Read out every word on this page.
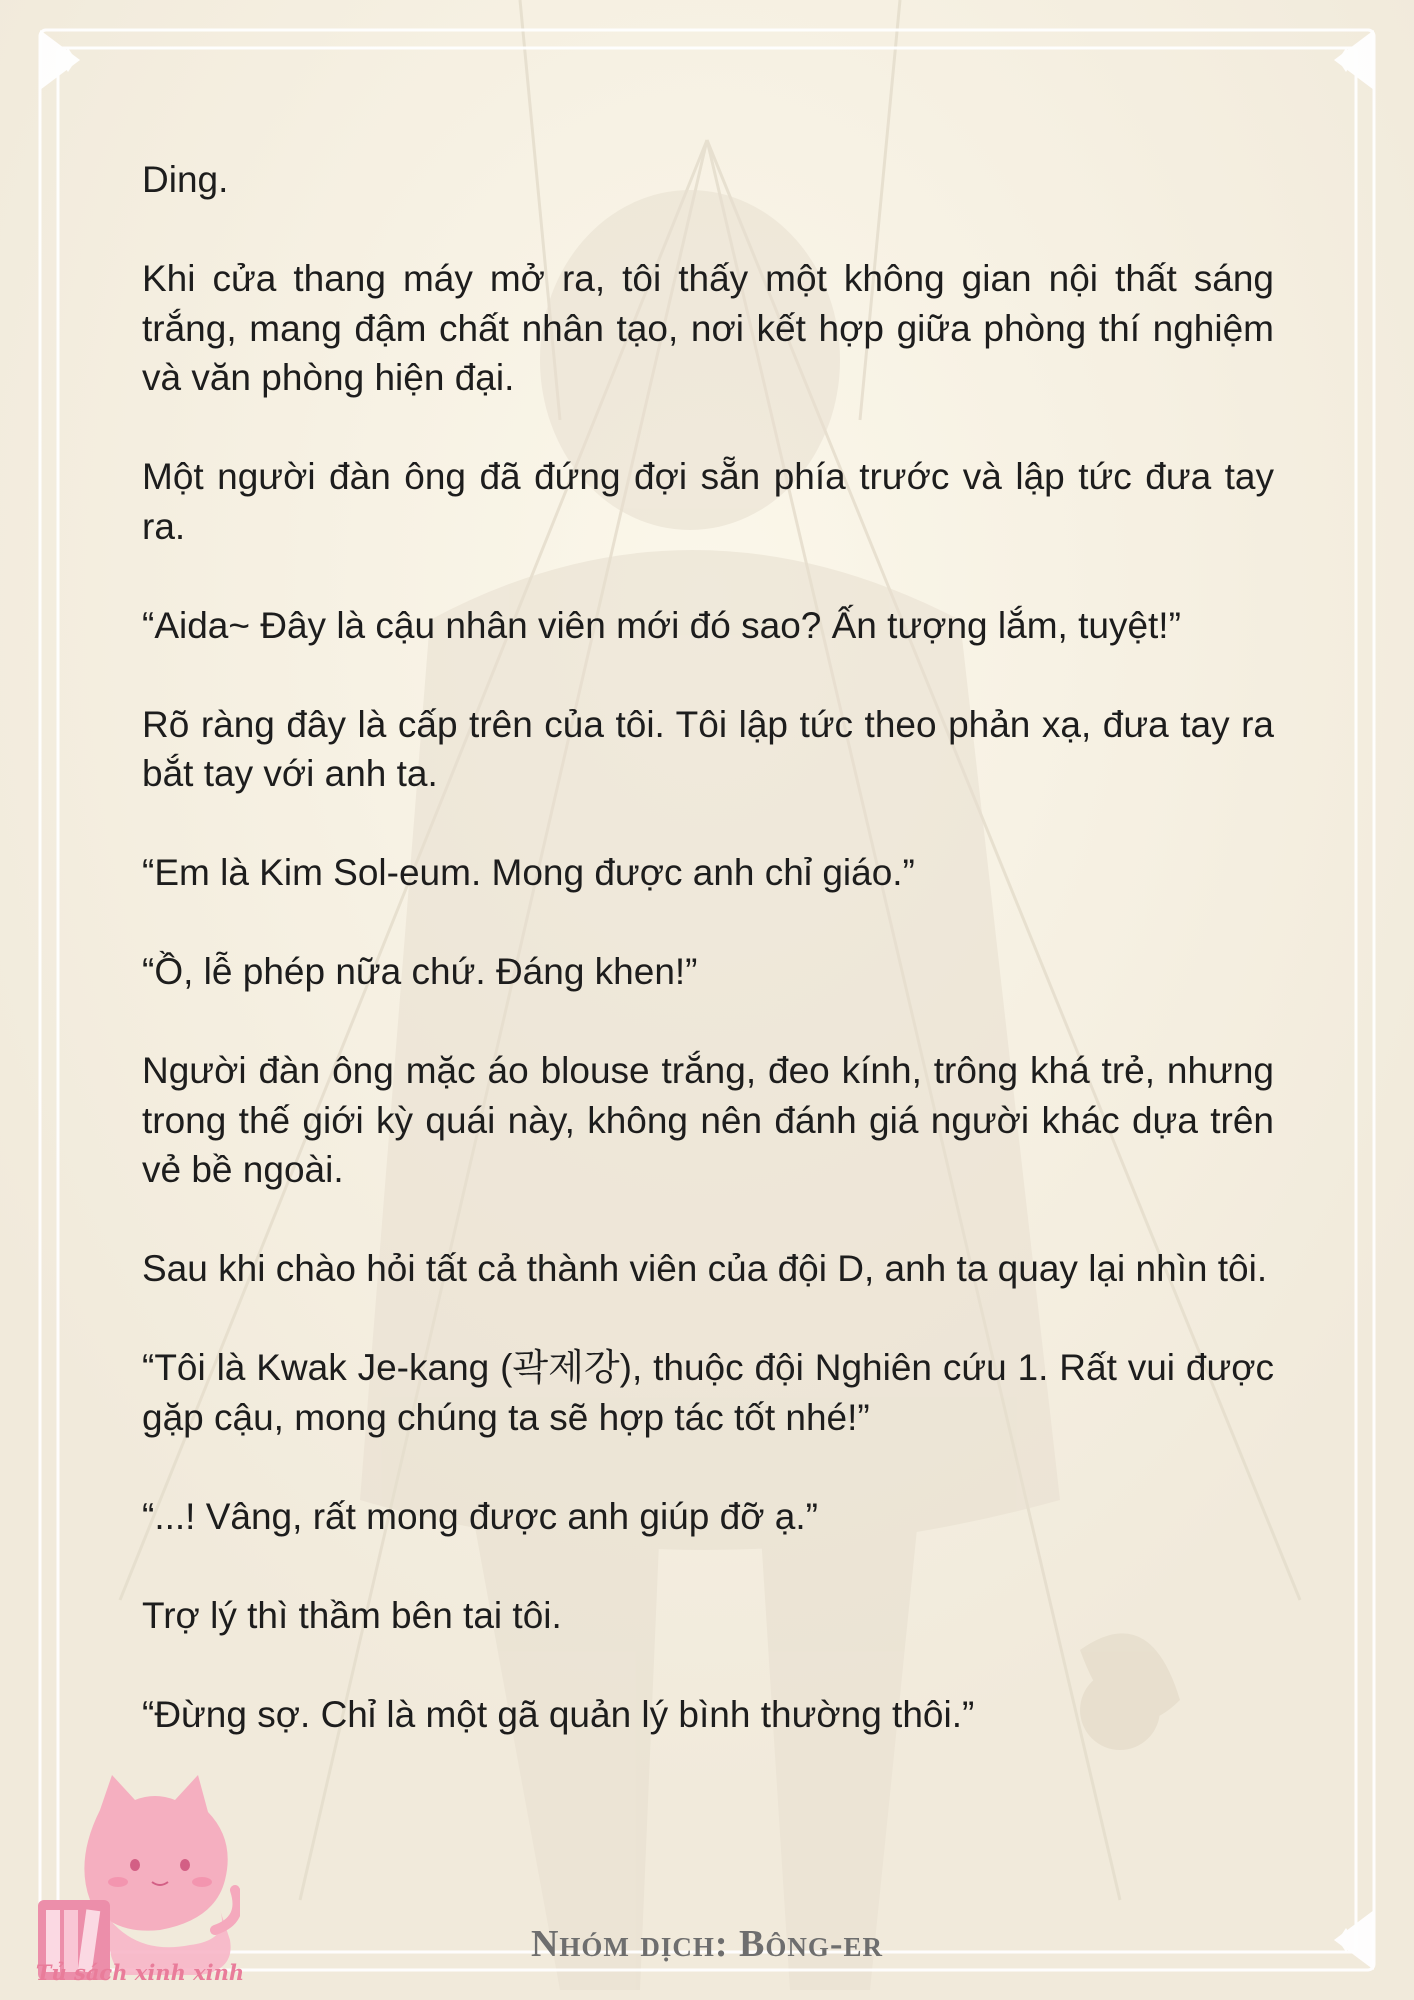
Ding.

Khi cửa thang máy mở ra, tôi thấy một không gian nội thất sáng trắng, mang đậm chất nhân tạo, nơi kết hợp giữa phòng thí nghiệm và văn phòng hiện đại.

Một người đàn ông đã đứng đợi sẵn phía trước và lập tức đưa tay ra.

“Aida~ Đây là cậu nhân viên mới đó sao? Ấn tượng lắm, tuyệt!”

Rõ ràng đây là cấp trên của tôi. Tôi lập tức theo phản xạ, đưa tay ra bắt tay với anh ta.

“Em là Kim Sol-eum. Mong được anh chỉ giáo.”

“Ồ, lễ phép nữa chứ. Đáng khen!”

Người đàn ông mặc áo blouse trắng, đeo kính, trông khá trẻ, nhưng trong thế giới kỳ quái này, không nên đánh giá người khác dựa trên vẻ bề ngoài.

Sau khi chào hỏi tất cả thành viên của đội D, anh ta quay lại nhìn tôi.

“Tôi là Kwak Je-kang (곽제강), thuộc đội Nghiên cứu 1. Rất vui được gặp cậu, mong chúng ta sẽ hợp tác tốt nhé!”

“...! Vâng, rất mong được anh giúp đỡ ạ.”

Trợ lý thì thầm bên tai tôi.

“Đừng sợ. Chỉ là một gã quản lý bình thường thôi.”

Tủ sách xinh xinh
Nhóm dịch: Bông-er
